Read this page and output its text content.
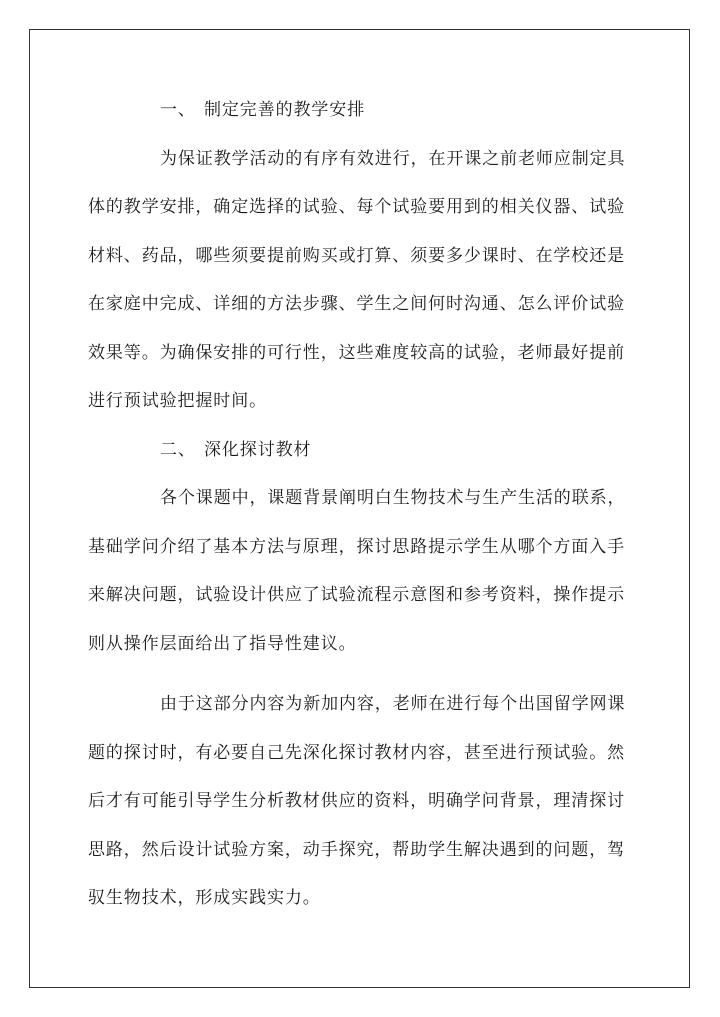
一、 制定完善的教学安排
为保证教学活动的有序有效进行，在开课之前老师应制定具
体的教学安排，确定选择的试验、每个试验要用到的相关仪器、试验
材料、药品，哪些须要提前购买或打算、须要多少课时、在学校还是
在家庭中完成、详细的方法步骤、学生之间何时沟通、怎么评价试验
效果等。为确保安排的可行性，这些难度较高的试验，老师最好提前
进行预试验把握时间。
二、 深化探讨教材
各个课题中，课题背景阐明白生物技术与生产生活的联系，
基础学问介绍了基本方法与原理，探讨思路提示学生从哪个方面入手
来解决问题，试验设计供应了试验流程示意图和参考资料，操作提示
则从操作层面给出了指导性建议。
由于这部分内容为新加内容，老师在进行每个出国留学网课
题的探讨时，有必要自己先深化探讨教材内容，甚至进行预试验。然
后才有可能引导学生分析教材供应的资料，明确学问背景，理清探讨
思路，然后设计试验方案，动手探究，帮助学生解决遇到的问题，驾
驭生物技术，形成实践实力。
